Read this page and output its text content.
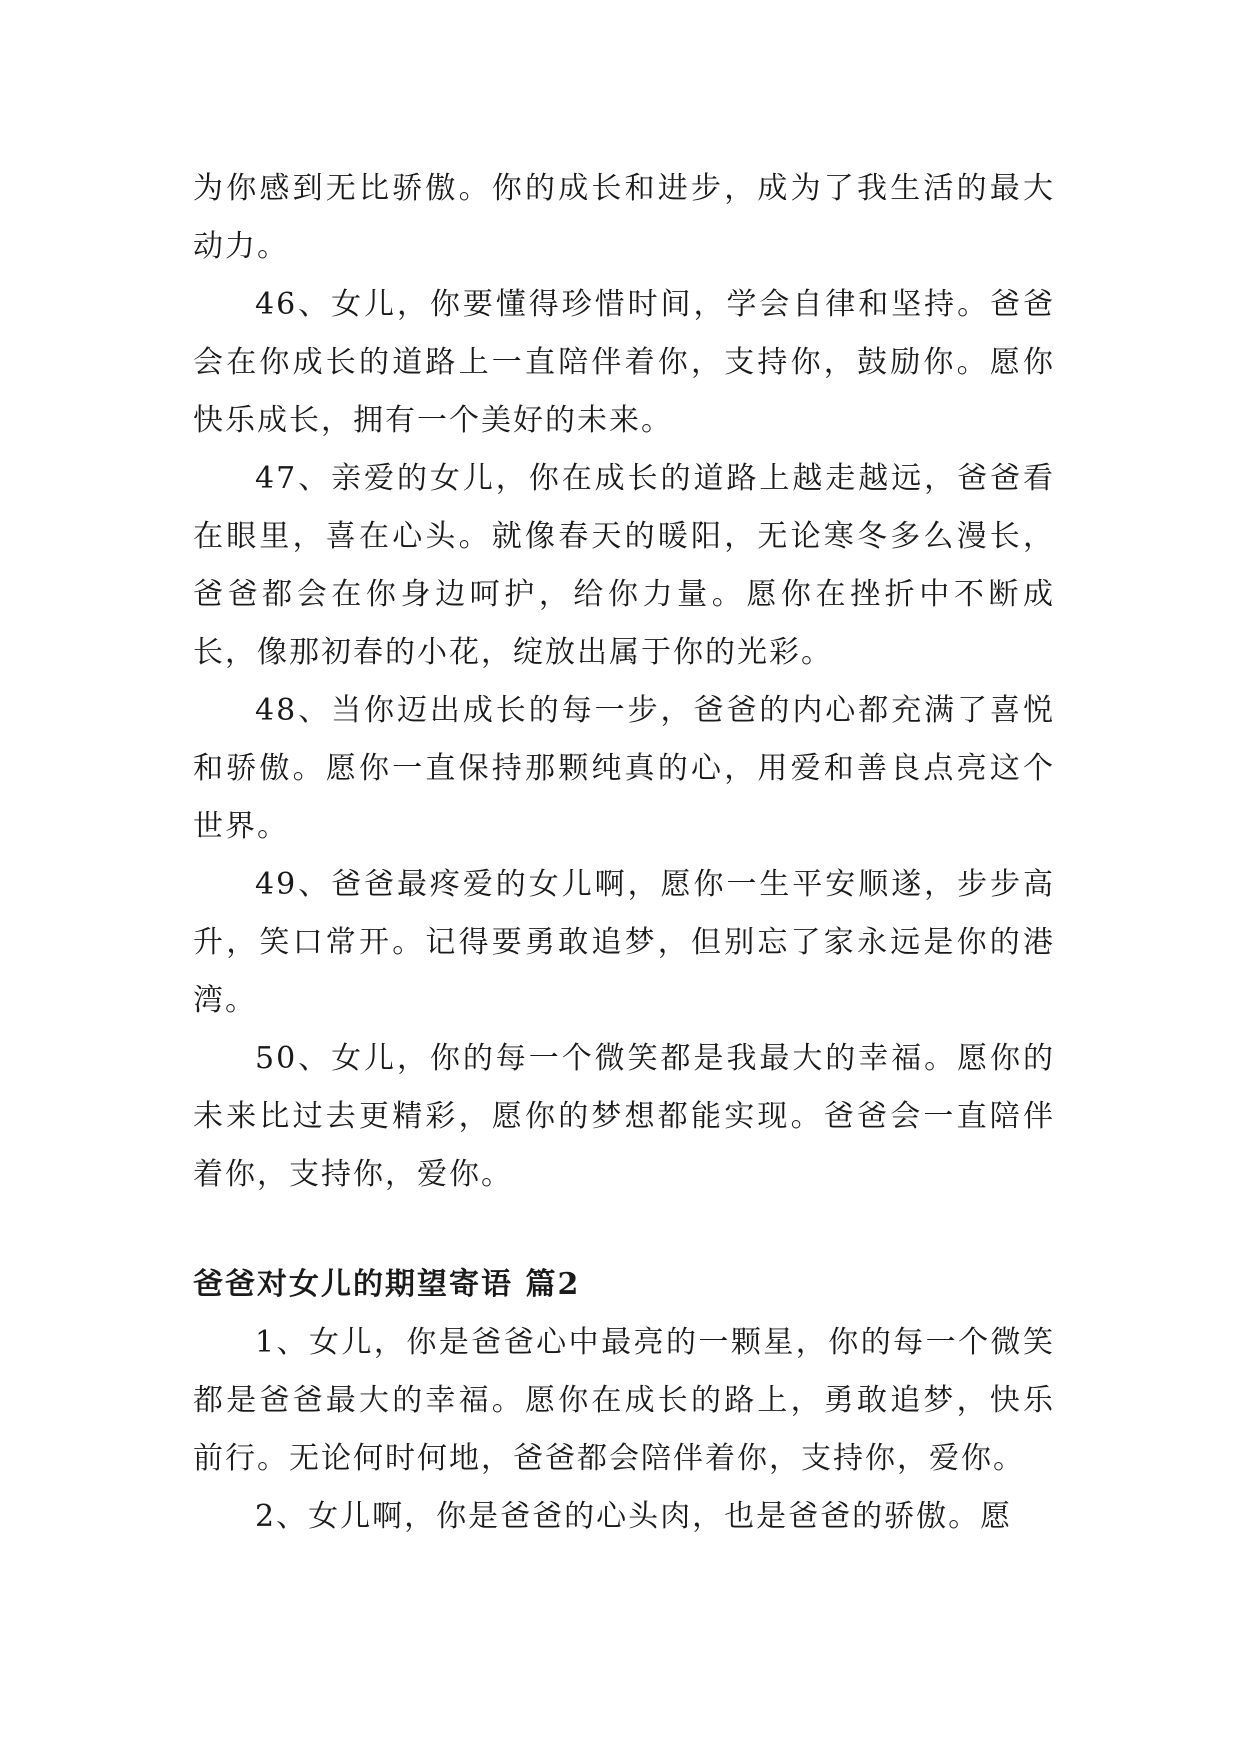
为你感到无比骄傲。你的成长和进步，成为了我生活的最大动力。

46、女儿，你要懂得珍惜时间，学会自律和坚持。爸爸会在你成长的道路上一直陪伴着你，支持你，鼓励你。愿你快乐成长，拥有一个美好的未来。

47、亲爱的女儿，你在成长的道路上越走越远，爸爸看在眼里，喜在心头。就像春天的暖阳，无论寒冬多么漫长，爸爸都会在你身边呵护，给你力量。愿你在挫折中不断成长，像那初春的小花，绽放出属于你的光彩。

48、当你迈出成长的每一步，爸爸的内心都充满了喜悦和骄傲。愿你一直保持那颗纯真的心，用爱和善良点亮这个世界。

49、爸爸最疼爱的女儿啊，愿你一生平安顺遂，步步高升，笑口常开。记得要勇敢追梦，但别忘了家永远是你的港湾。

50、女儿，你的每一个微笑都是我最大的幸福。愿你的未来比过去更精彩，愿你的梦想都能实现。爸爸会一直陪伴着你，支持你，爱你。

爸爸对女儿的期望寄语 篇2

1、女儿，你是爸爸心中最亮的一颗星，你的每一个微笑都是爸爸最大的幸福。愿你在成长的路上，勇敢追梦，快乐前行。无论何时何地，爸爸都会陪伴着你，支持你，爱你。

2、女儿啊，你是爸爸的心头肉，也是爸爸的骄傲。愿
